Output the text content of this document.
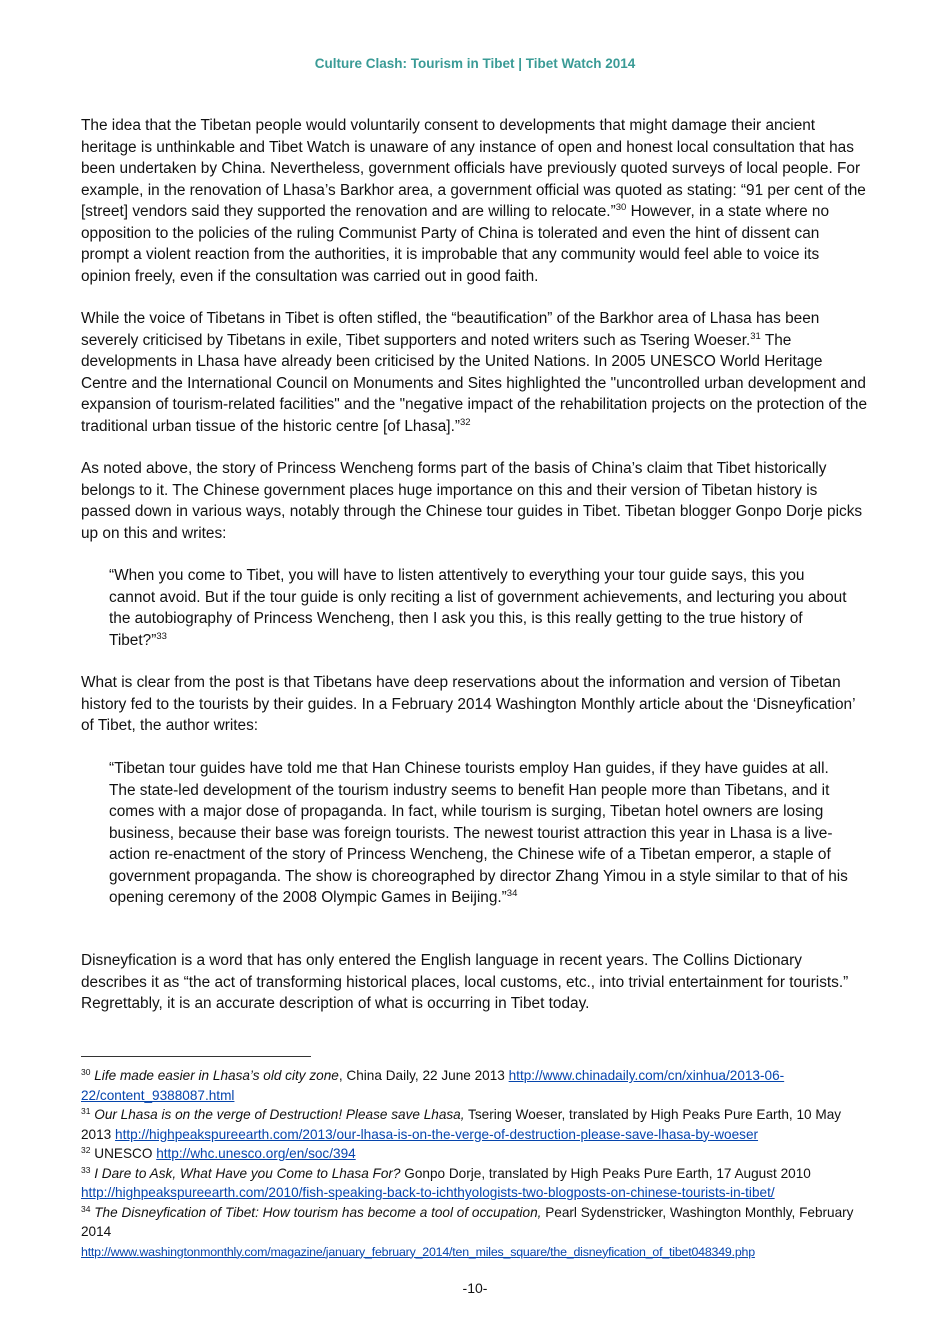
Culture Clash: Tourism in Tibet | Tibet Watch 2014

The idea that the Tibetan people would voluntarily consent to developments that might damage their ancient heritage is unthinkable and Tibet Watch is unaware of any instance of open and honest local consultation that has been undertaken by China. Nevertheless, government officials have previously quoted surveys of local people. For example, in the renovation of Lhasa’s Barkhor area, a government official was quoted as stating: “91 per cent of the [street] vendors said they supported the renovation and are willing to relocate.”$^{30}$ However, in a state where no opposition to the policies of the ruling Communist Party of China is tolerated and even the hint of dissent can prompt a violent reaction from the authorities, it is improbable that any community would feel able to voice its opinion freely, even if the consultation was carried out in good faith.

While the voice of Tibetans in Tibet is often stifled, the “beautification” of the Barkhor area of Lhasa has been severely criticised by Tibetans in exile, Tibet supporters and noted writers such as Tsering Woeser.$^{31}$ The developments in Lhasa have already been criticised by the United Nations. In 2005 UNESCO World Heritage Centre and the International Council on Monuments and Sites highlighted the "uncontrolled urban development and expansion of tourism-related facilities" and the "negative impact of the rehabilitation projects on the protection of the traditional urban tissue of the historic centre [of Lhasa].”$^{32}$

As noted above, the story of Princess Wencheng forms part of the basis of China’s claim that Tibet historically belongs to it. The Chinese government places huge importance on this and their version of Tibetan history is passed down in various ways, notably through the Chinese tour guides in Tibet. Tibetan blogger Gonpo Dorje picks up on this and writes:

“When you come to Tibet, you will have to listen attentively to everything your tour guide says, this you cannot avoid. But if the tour guide is only reciting a list of government achievements, and lecturing you about the autobiography of Princess Wencheng, then I ask you this, is this really getting to the true history of Tibet?”$^{33}$

What is clear from the post is that Tibetans have deep reservations about the information and version of Tibetan history fed to the tourists by their guides. In a February 2014 Washington Monthly article about the ‘Disneyfication’ of Tibet, the author writes:

“Tibetan tour guides have told me that Han Chinese tourists employ Han guides, if they have guides at all. The state-led development of the tourism industry seems to benefit Han people more than Tibetans, and it comes with a major dose of propaganda. In fact, while tourism is surging, Tibetan hotel owners are losing business, because their base was foreign tourists. The newest tourist attraction this year in Lhasa is a live-action re-enactment of the story of Princess Wencheng, the Chinese wife of a Tibetan emperor, a staple of government propaganda. The show is choreographed by director Zhang Yimou in a style similar to that of his opening ceremony of the 2008 Olympic Games in Beijing.”$^{34}$

Disneyfication is a word that has only entered the English language in recent years. The Collins Dictionary describes it as “the act of transforming historical places, local customs, etc., into trivial entertainment for tourists.” Regrettably, it is an accurate description of what is occurring in Tibet today.

$^{30}$ Life made easier in Lhasa’s old city zone, China Daily, 22 June 2013 http://www.chinadaily.com/cn/xinhua/2013-06-22/content_9388087.html

$^{31}$ Our Lhasa is on the verge of Destruction! Please save Lhasa, Tsering Woeser, translated by High Peaks Pure Earth, 10 May 2013 http://highpeakspureearth.com/2013/our-lhasa-is-on-the-verge-of-destruction-please-save-lhasa-by-woeser

$^{32}$ UNESCO http://whc.unesco.org/en/soc/394

$^{33}$ I Dare to Ask, What Have you Come to Lhasa For? Gonpo Dorje, translated by High Peaks Pure Earth, 17 August 2010 http://highpeakspureearth.com/2010/fish-speaking-back-to-ichthyologists-two-blogposts-on-chinese-tourists-in-tibet/

$^{34}$ The Disneyfication of Tibet: How tourism has become a tool of occupation, Pearl Sydenstricker, Washington Monthly, February 2014
http://www.washingtonmonthly.com/magazine/january_february_2014/ten_miles_square/the_disneyfication_of_tibet048349.php

-10-
